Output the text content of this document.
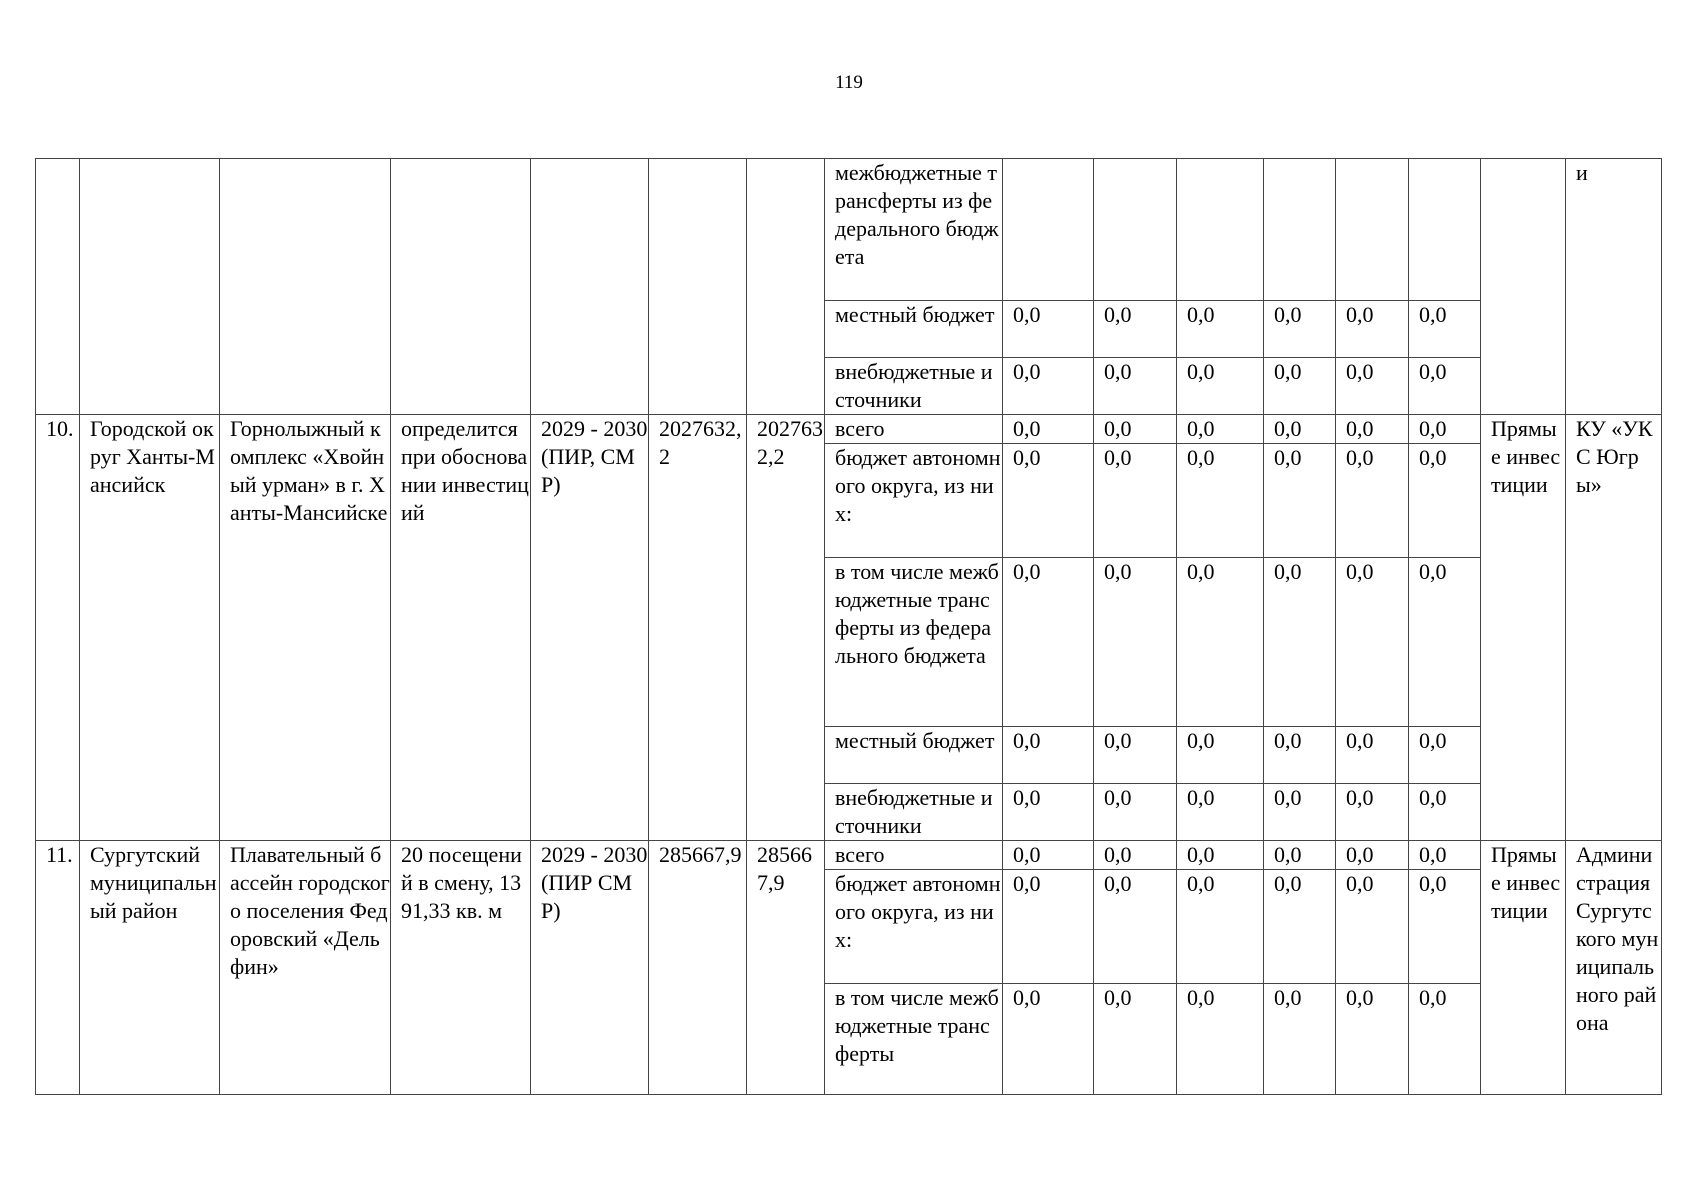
119
							межбюджетные трансферты из федерального бюджета								и
							местный бюджет	0,0	0,0	0,0	0,0	0,0	0,0		
							внебюджетные источники	0,0	0,0	0,0	0,0	0,0	0,0		
10.	Городской округ Ханты-Мансийск	Горнолыжный комплекс «Хвойный урман» в г. Ханты-Мансийске	определится при обосновании инвестиций	2029 - 2030 (ПИР, СМР)	2027632,2	2027632,2	всего	0,0	0,0	0,0	0,0	0,0	0,0	Прямые инвестиции	КУ «УКС Югры»
							бюджет автономного округа, из них:	0,0	0,0	0,0	0,0	0,0	0,0		
							в том числе межбюджетные трансферты из федерального бюджета	0,0	0,0	0,0	0,0	0,0	0,0		
							местный бюджет	0,0	0,0	0,0	0,0	0,0	0,0		
							внебюджетные источники	0,0	0,0	0,0	0,0	0,0	0,0		
11.	Сургутский муниципальный район	Плавательный бассейн городского поселения Федоровский «Дельфин»	20 посещений в смену, 1391,33 кв. м	2029 - 2030 (ПИР СМР)	285667,9	285667,9	всего	0,0	0,0	0,0	0,0	0,0	0,0	Прямые инвестиции	Администрация Сургутского муниципального района
							бюджет автономного округа, из них:	0,0	0,0	0,0	0,0	0,0	0,0		
							в том числе межбюджетные трансферты	0,0	0,0	0,0	0,0	0,0	0,0		
